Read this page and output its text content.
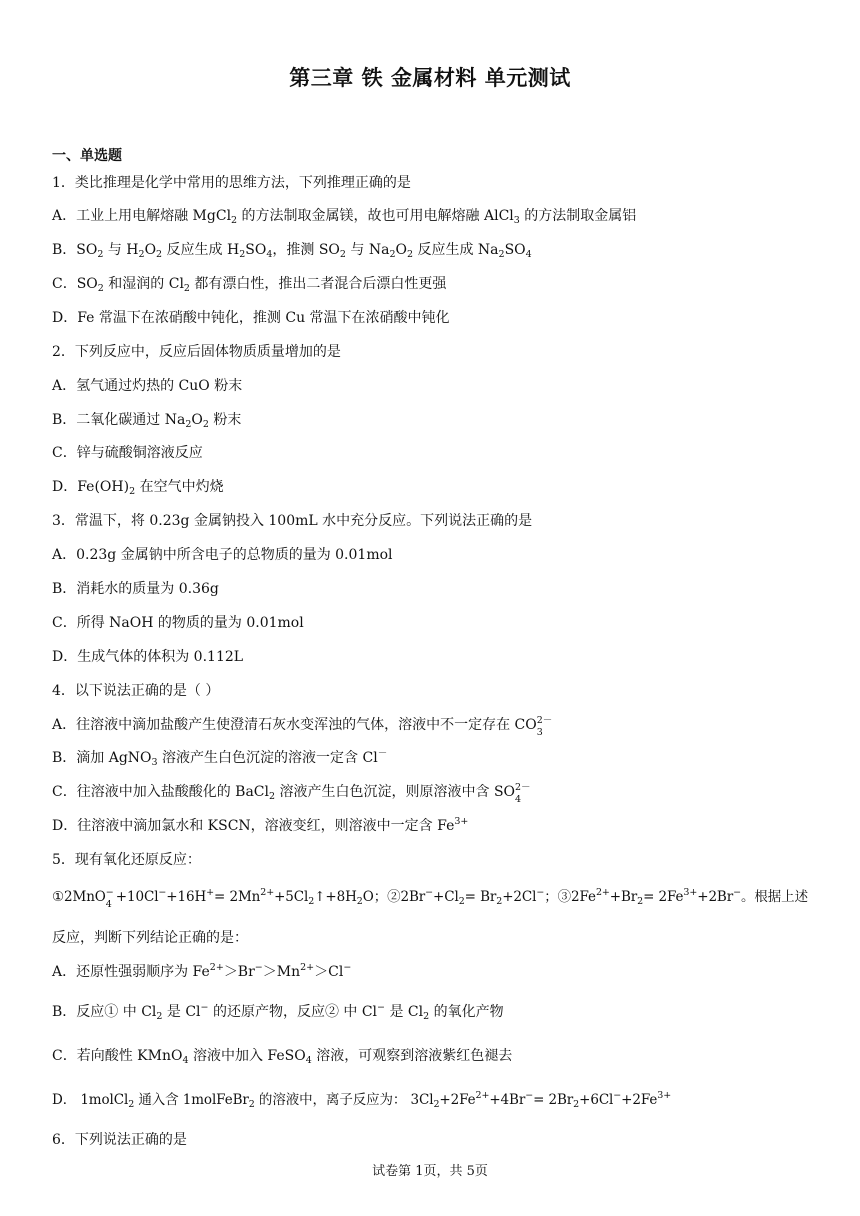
第三章 铁 金属材料 单元测试
一、单选题
1．类比推理是化学中常用的思维方法，下列推理正确的是
A．工业上用电解熔融 MgCl$_2$ 的方法制取金属镁，故也可用电解熔融 AlCl$_3$ 的方法制取金属铝
B．$SO_2$ 与 $H_2O_2$ 反应生成 $H_2SO_4$，推测 $SO_2$ 与 $Na_2O_2$ 反应生成 $Na_2SO_4$
C．$SO_2$ 和湿润的 $Cl_2$ 都有漂白性，推出二者混合后漂白性更强
D．Fe 常温下在浓硝酸中钝化，推测 Cu 常温下在浓硝酸中钝化
2．下列反应中，反应后固体物质质量增加的是
A．氢气通过灼热的 CuO 粉末
B．二氧化碳通过 $Na_2O_2$ 粉末
C．锌与硫酸铜溶液反应
D．$Fe(OH)_2$ 在空气中灼烧
3．常温下，将 0.23g 金属钠投入 100mL 水中充分反应。下列说法正确的是
A．0.23g 金属钠中所含电子的总物质的量为 0.01mol
B．消耗水的质量为 0.36g
C．所得 NaOH 的物质的量为 0.01mol
D．生成气体的体积为 0.112L
4．以下说法正确的是（ ）
A．往溶液中滴加盐酸产生使澄清石灰水变浑浊的气体，溶液中不一定存在 CO 2－
3
B．滴加 AgNO$_3$ 溶液产生白色沉淀的溶液一定含 Cl－
C．往溶液中加入盐酸酸化的 BaCl$_2$ 溶液产生白色沉淀，则原溶液中含 SO 2－
4
D．往溶液中滴加氯水和 KSCN，溶液变红，则溶液中一定含 $Fe^{3+}$
5．现有氧化还原反应：
①2MnO −
$4 +10Cl^-+16H^+= 2Mn^{2+}+5Cl_2↑+8H_2O$；$②2Br^-+Cl_2= Br_2+2Cl^-$；$③2Fe^{2+}+Br_2= 2Fe^{3+}+2Br^-$。根据上述
反应，判断下列结论正确的是：
A．还原性强弱顺序为 $Fe^{2+}>Br^->Mn^{2+}>Cl^-$
B．反应① 中 $Cl_2$ 是 Cl− 的还原产物，反应② 中 Cl− 是 $Cl_2$ 的氧化产物
C．若向酸性 KMnO$_4$ 溶液中加入 FeSO$_4$ 溶液，可观察到溶液紫红色褪去
D． 1molCl$_2$ 通入含 1molFeBr$_2$ 的溶液中，离子反应为： $3Cl_2+2Fe^{2+}+4Br^-= 2Br_2+6Cl^-+2Fe^{3+}$
6．下列说法正确的是
试卷第 1页，共 5页
